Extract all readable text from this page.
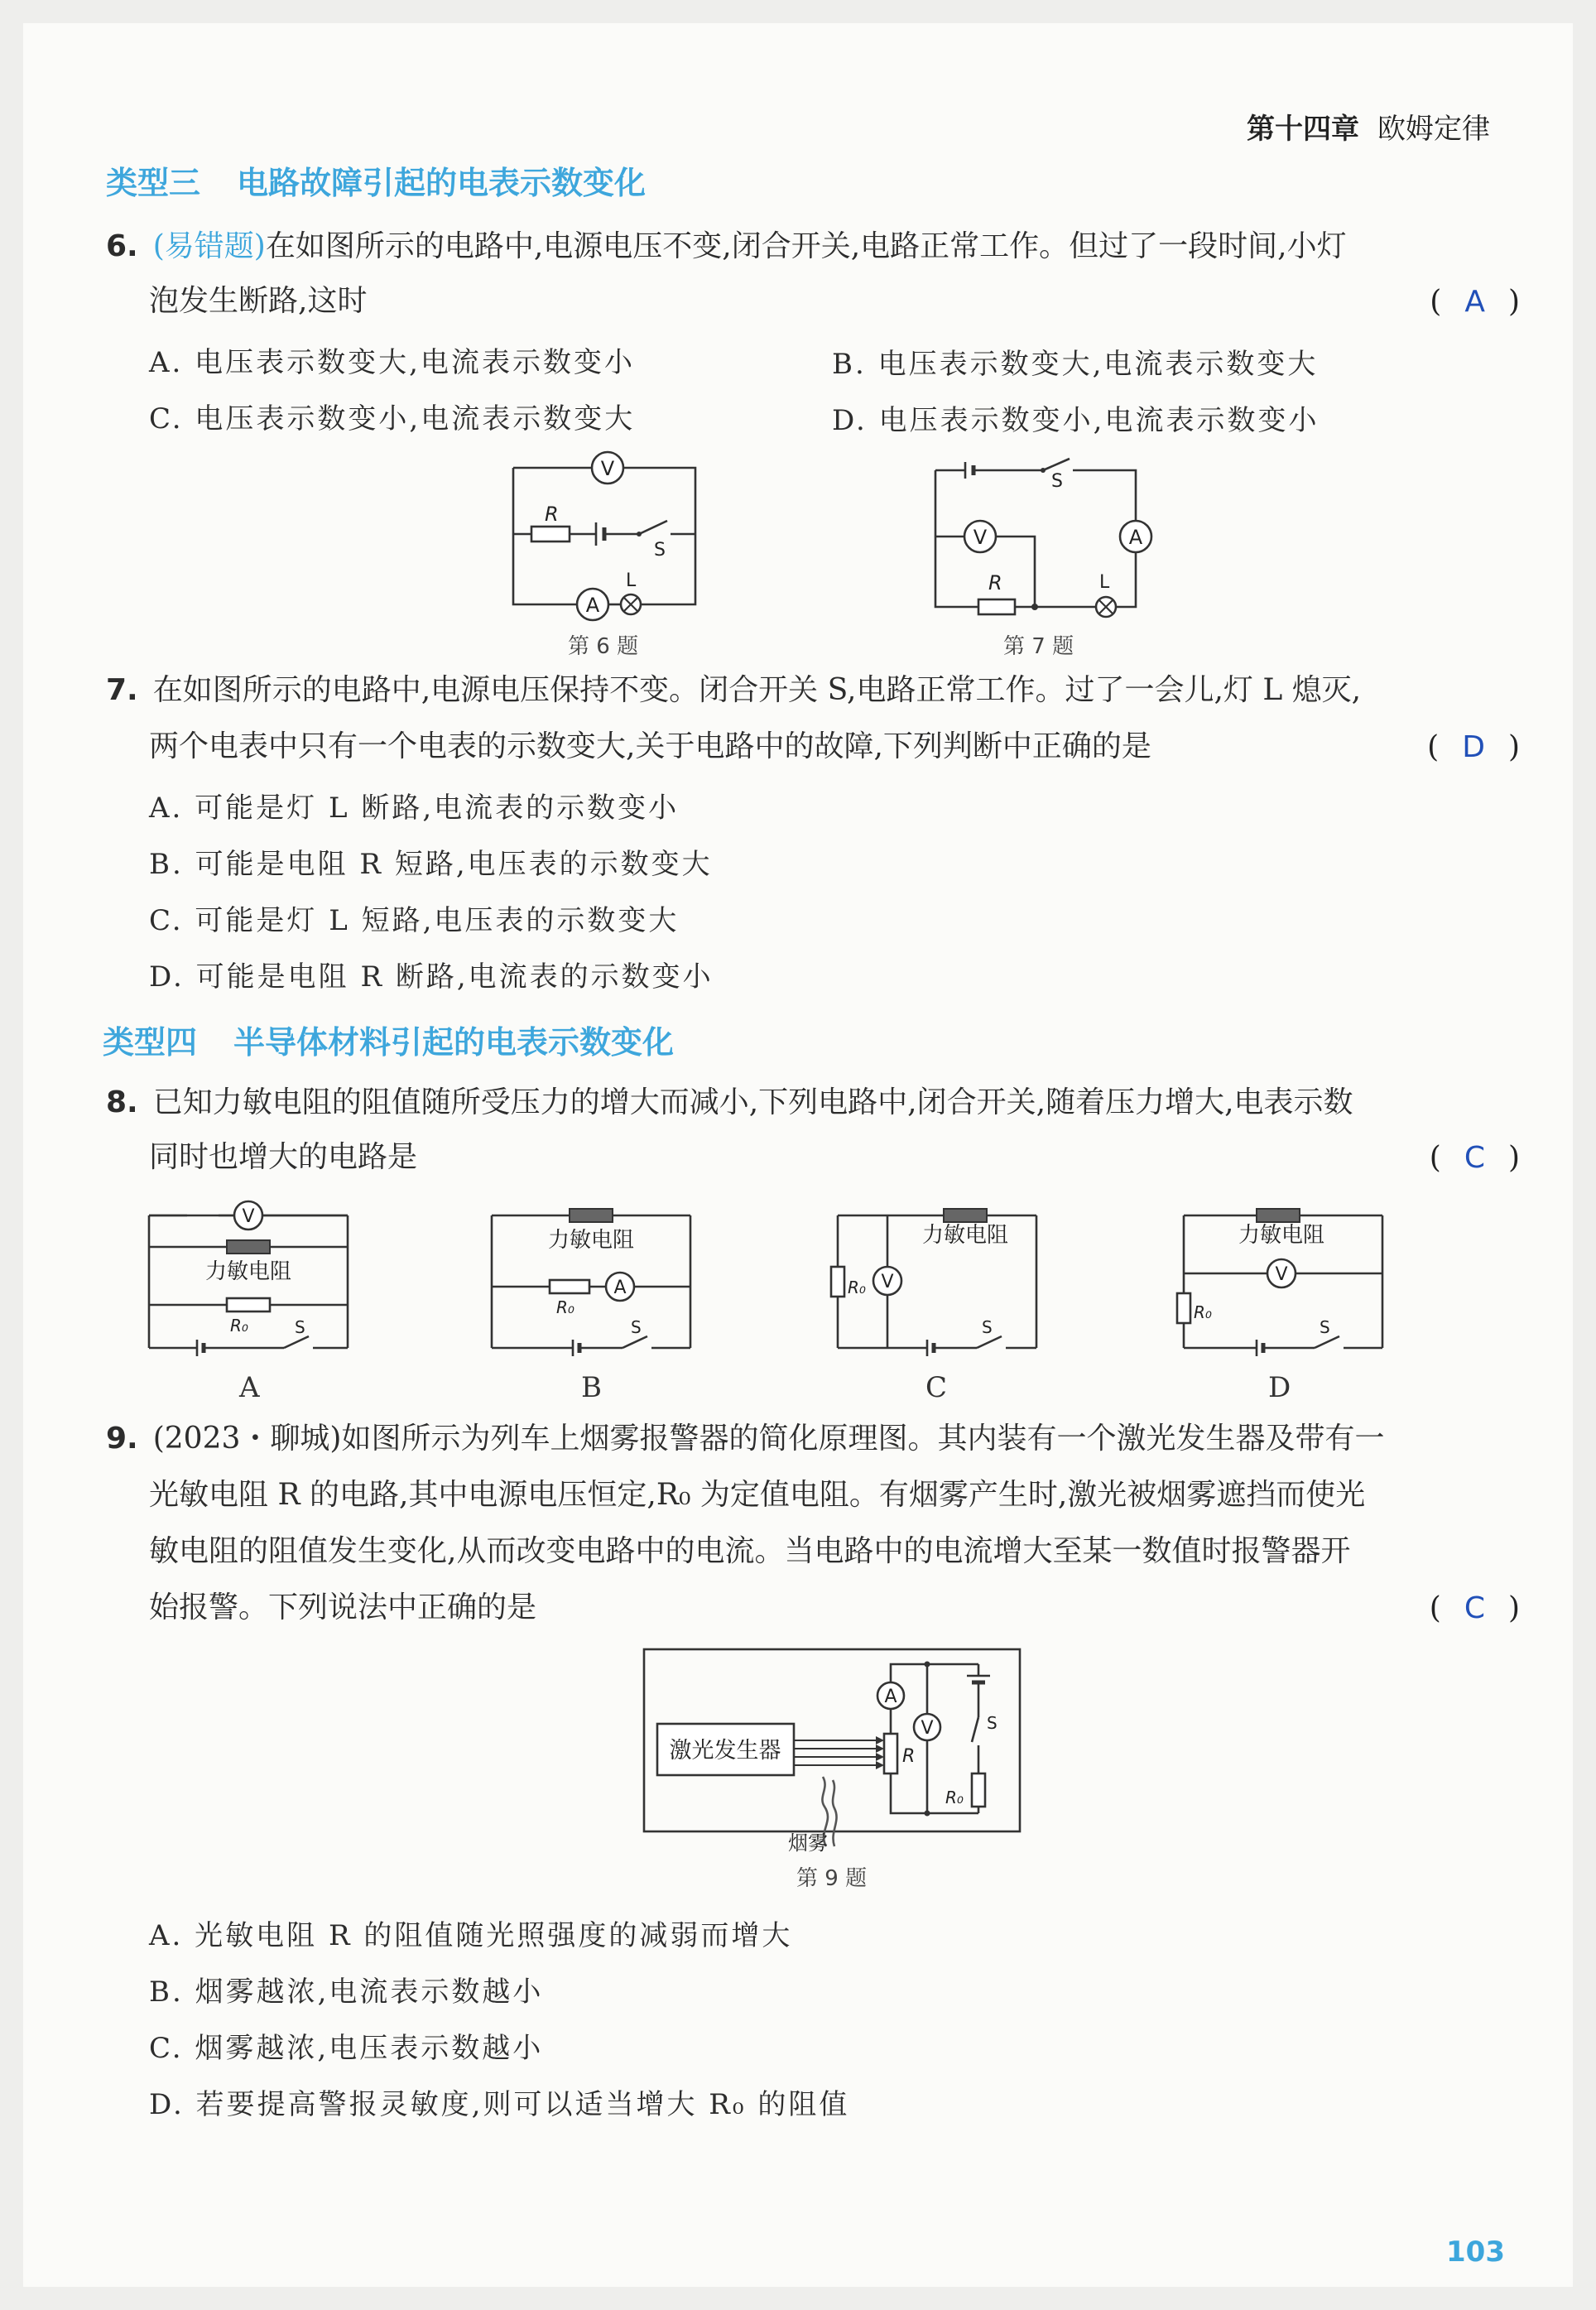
第十四章 欧姆定律
类型三 电路故障引起的电表示数变化
6. (易错题)在如图所示的电路中,电源电压不变,闭合开关,电路正常工作。但过了一段时间,小灯
泡发生断路,这时	( A )
A. 电压表示数变大,电流表示数变小	B. 电压表示数变大,电流表示数变大
C. 电压表示数变小,电流表示数变大	D. 电压表示数变小,电流表示数变小
V
A
R
S
L
第 6 题
A
V
S
R	L
第 7 题
7. 在如图所示的电路中,电源电压保持不变。闭合开关 S,电路正常工作。过了一会儿,灯 L 熄灭,
两个电表中只有一个电表的示数变大,关于电路中的故障,下列判断中正确的是	( D )
A. 可能是灯 L 断路,电流表的示数变小
B. 可能是电阻 R 短路,电压表的示数变大
C. 可能是灯 L 短路,电压表的示数变大
D. 可能是电阻 R 断路,电流表的示数变小
类型四 半导体材料引起的电表示数变化
8. 已知力敏电阻的阻值随所受压力的增大而减小,下列电路中,闭合开关,随着压力增大,电表示数
同时也增大的电路是	( C )
V
力敏电阻
R₀	S
A
力敏电阻
A
R₀
S
B
力敏电阻
R₀ V
S
C
力敏电阻
R₀
V
S
D
9. (2023・聊城)如图所示为列车上烟雾报警器的简化原理图。其内装有一个激光发生器及带有一
光敏电阻 R 的电路,其中电源电压恒定,R₀ 为定值电阻。有烟雾产生时,激光被烟雾遮挡而使光
敏电阻的阻值发生变化,从而改变电路中的电流。当电路中的电流增大至某一数值时报警器开
始报警。下列说法中正确的是	( C )
激光发生器	R
A
V	S
R₀
烟雾
第 9 题
A. 光敏电阻 R 的阻值随光照强度的减弱而增大
B. 烟雾越浓,电流表示数越小
C. 烟雾越浓,电压表示数越小
D. 若要提高警报灵敏度,则可以适当增大 R₀ 的阻值
103
